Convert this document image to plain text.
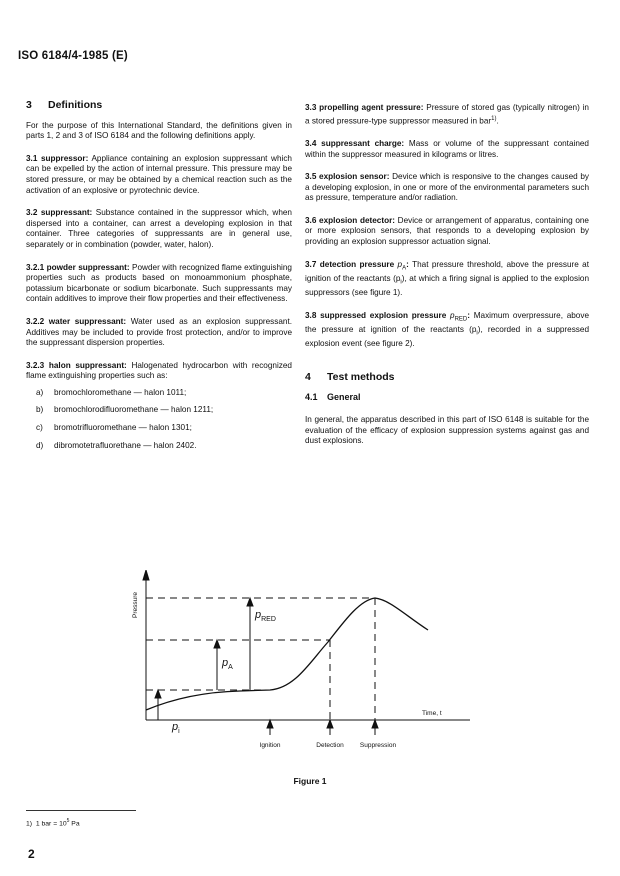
ISO 6184/4-1985 (E)
3 Definitions

For the purpose of this International Standard, the definitions given in parts 1, 2 and 3 of ISO 6184 and the following definitions apply.

3.1 suppressor: Appliance containing an explosion suppressant which can be expelled by the action of internal pressure. This pressure may be stored pressure, or may be obtained by a chemical reaction such as the activation of an explosive or pyrotechnic device.

3.2 suppressant: Substance contained in the suppressor which, when dispersed into a container, can arrest a developing explosion in that container. Three categories of suppressants are in general use, separately or in combination (powder, water, halon).

3.2.1 powder suppressant: Powder with recognized flame extinguishing properties such as products based on monoammonium phosphate, potassium bicarbonate or sodium bicarbonate. Such suppressants may contain additives to improve their flow properties and their effectiveness.

3.2.2 water suppressant: Water used as an explosion suppressant. Additives may be included to provide frost protection, and/or to improve the suppressant dispersion properties.

3.2.3 halon suppressant: Halogenated hydrocarbon with recognized flame extinguishing properties such as:

a)	bromochloromethane — halon 1011;
b)	bromochlorodifluoromethane — halon 1211;
c)	bromotrifluoromethane — halon 1301;
d)	dibromotetrafluorethane — halon 2402.

3.3 propelling agent pressure: Pressure of stored gas (typically nitrogen) in a stored pressure-type suppressor measured in bar$^{1)}$.

3.4 suppressant charge: Mass or volume of the suppressant contained within the suppressor measured in kilograms or litres.

3.5 explosion sensor: Device which is responsive to the changes caused by a developing explosion, in one or more of the environmental parameters such as pressure, temperature and/or radiation.

3.6 explosion detector: Device or arrangement of apparatus, containing one or more explosion sensors, that responds to a developing explosion by providing an explosion suppressor actuation signal.

3.7 detection pressure $p_A$: That pressure threshold, above the pressure at ignition of the reactants $(p_i)$, at which a firing signal is applied to the explosion suppressors (see figure 1).

3.8 suppressed explosion pressure $p_{RED}$: Maximum overpressure, above the pressure at ignition of the reactants $(p_i)$, recorded in a suppressed explosion event (see figure 2).

4 Test methods
4.1 General

In general, the apparatus described in this part of ISO 6148 is suitable for the evaluation of the efficacy of explosion suppression systems against gas and dust explosions.

Pressure
Time, t
$p_{RED}$
$p_A$
$p_i$
Ignition	Detection Suppression
Figure 1
1) 1 bar = $10^5$ Pa
2
